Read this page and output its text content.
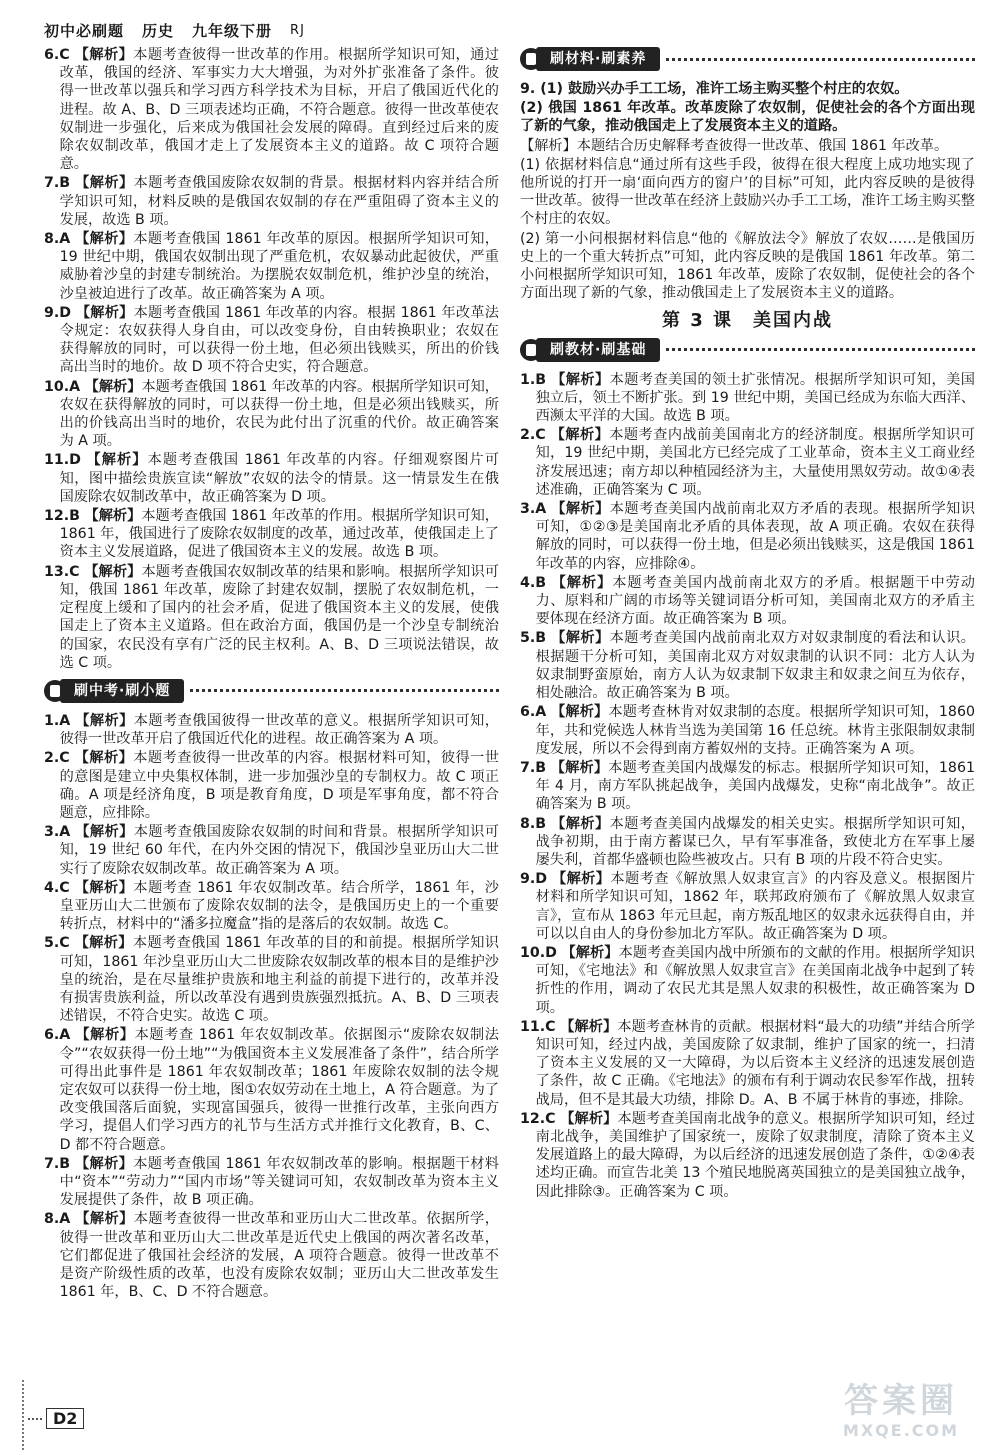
初中必刷题 历史 九年级下册 RJ
6.C 【解析】本题考查彼得一世改革的作用。根据所学知识可知，通过改革，俄国的经济、军事实力大大增强，为对外扩张准备了条件。彼得一世改革以强兵和学习西方科学技术为目标，开启了俄国近代化的进程。故 A、B、D 三项表述均正确，不符合题意。彼得一世改革使农奴制进一步强化，后来成为俄国社会发展的障碍。直到经过后来的废除农奴制改革，俄国才走上了发展资本主义的道路。故 C 项符合题意。
7.B 【解析】本题考查俄国废除农奴制的背景。根据材料内容并结合所学知识可知，材料反映的是俄国农奴制的存在严重阻碍了资本主义的发展，故选 B 项。
8.A 【解析】本题考查俄国 1861 年改革的原因。根据所学知识可知，19 世纪中期，俄国农奴制出现了严重危机，农奴暴动此起彼伏，严重威胁着沙皇的封建专制统治。为摆脱农奴制危机，维护沙皇的统治，沙皇被迫进行了改革。故正确答案为 A 项。
9.D 【解析】本题考查俄国 1861 年改革的内容。根据 1861 年改革法令规定：农奴获得人身自由，可以改变身份，自由转换职业；农奴在获得解放的同时，可以获得一份土地，但必须出钱赎买，所出的价钱高出当时的地价。故 D 项不符合史实，符合题意。
10.A 【解析】本题考查俄国 1861 年改革的内容。根据所学知识可知，农奴在获得解放的同时，可以获得一份土地，但是必须出钱赎买，所出的价钱高出当时的地价，农民为此付出了沉重的代价。故正确答案为 A 项。
11.D 【解析】本题考查俄国 1861 年改革的内容。仔细观察图片可知，图中描绘贵族宣读“解放”农奴的法令的情景。这一情景发生在俄国废除农奴制改革中，故正确答案为 D 项。
12.B 【解析】本题考查俄国 1861 年改革的作用。根据所学知识可知，1861 年，俄国进行了废除农奴制度的改革，通过改革，使俄国走上了资本主义发展道路，促进了俄国资本主义的发展。故选 B 项。
13.C 【解析】本题考查俄国农奴制改革的结果和影响。根据所学知识可知，俄国 1861 年改革，废除了封建农奴制，摆脱了农奴制危机，一定程度上缓和了国内的社会矛盾，促进了俄国资本主义的发展，使俄国走上了资本主义道路。但在政治方面，俄国仍是一个沙皇专制统治的国家，农民没有享有广泛的民主权利。A、B、D 三项说法错误，故选 C 项。
刷中考·刷小题
1.A 【解析】本题考查俄国彼得一世改革的意义。根据所学知识可知，彼得一世改革开启了俄国近代化的进程。故正确答案为 A 项。
2.C 【解析】本题考查彼得一世改革的内容。根据材料可知，彼得一世的意图是建立中央集权体制，进一步加强沙皇的专制权力。故 C 项正确。A 项是经济角度，B 项是教育角度，D 项是军事角度，都不符合题意，应排除。
3.A 【解析】本题考查俄国废除农奴制的时间和背景。根据所学知识可知，19 世纪 60 年代，在内外交困的情况下，俄国沙皇亚历山大二世实行了废除农奴制改革。故正确答案为 A 项。
4.C 【解析】本题考查 1861 年农奴制改革。结合所学，1861 年，沙皇亚历山大二世颁布了废除农奴制的法令，是俄国历史上的一个重要转折点，材料中的“潘多拉魔盒”指的是落后的农奴制。故选 C。
5.C 【解析】本题考查俄国 1861 年改革的目的和前提。根据所学知识可知，1861 年沙皇亚历山大二世废除农奴制改革的根本目的是维护沙皇的统治，是在尽量维护贵族和地主利益的前提下进行的，改革并没有损害贵族利益，所以改革没有遇到贵族强烈抵抗。A、B、D 三项表述错误，不符合史实。故选 C 项。
6.A 【解析】本题考查 1861 年农奴制改革。依据图示“废除农奴制法令”“农奴获得一份土地”“为俄国资本主义发展准备了条件”，结合所学可得出此事件是 1861 年农奴制改革；1861 年废除农奴制的法令规定农奴可以获得一份土地，图①农奴劳动在土地上，A 符合题意。为了改变俄国落后面貌，实现富国强兵，彼得一世推行改革，主张向西方学习，提倡人们学习西方的礼节与生活方式并推行文化教育，B、C、D 都不符合题意。
7.B 【解析】本题考查俄国 1861 年农奴制改革的影响。根据题干材料中“资本”“劳动力”“国内市场”等关键词可知，农奴制改革为资本主义发展提供了条件，故 B 项正确。
8.A 【解析】本题考查彼得一世改革和亚历山大二世改革。依据所学，彼得一世改革和亚历山大二世改革是近代史上俄国的两次著名改革，它们都促进了俄国社会经济的发展，A 项符合题意。彼得一世改革不是资产阶级性质的改革，也没有废除农奴制；亚历山大二世改革发生 1861 年，B、C、D 不符合题意。
刷材料·刷素养
9. (1) 鼓励兴办手工工场，准许工场主购买整个村庄的农奴。
(2) 俄国 1861 年改革。改革废除了农奴制，促使社会的各个方面出现了新的气象，推动俄国走上了发展资本主义的道路。
【解析】本题结合历史解释考查彼得一世改革、俄国 1861 年改革。
(1) 依据材料信息“通过所有这些手段，彼得在很大程度上成功地实现了他所说的打开一扇‘面向西方的窗户’的目标”可知，此内容反映的是彼得一世改革。彼得一世改革在经济上鼓励兴办手工工场，准许工场主购买整个村庄的农奴。
(2) 第一小问根据材料信息“他的《解放法令》解放了农奴……是俄国历史上的一个重大转折点”可知，此内容反映的是俄国 1861 年改革。第二小问根据所学知识可知，1861 年改革，废除了农奴制，促使社会的各个方面出现了新的气象，推动俄国走上了发展资本主义的道路。
第 3 课　美国内战
刷教材·刷基础
1.B 【解析】本题考查美国的领土扩张情况。根据所学知识可知，美国独立后，领土不断扩张。到 19 世纪中期，美国已经成为东临大西洋、西濒太平洋的大国。故选 B 项。
2.C 【解析】本题考查内战前美国南北方的经济制度。根据所学知识可知，19 世纪中期，美国北方已经完成了工业革命，资本主义工商业经济发展迅速；南方却以种植园经济为主，大量使用黑奴劳动。故①④表述准确，正确答案为 C 项。
3.A 【解析】本题考查美国内战前南北双方矛盾的表现。根据所学知识可知，①②③是美国南北矛盾的具体表现，故 A 项正确。农奴在获得解放的同时，可以获得一份土地，但是必须出钱赎买，这是俄国 1861 年改革的内容，应排除④。
4.B 【解析】本题考查美国内战前南北双方的矛盾。根据题干中劳动力、原料和广阔的市场等关键词语分析可知，美国南北双方的矛盾主要体现在经济方面。故正确答案为 B 项。
5.B 【解析】本题考查美国内战前南北双方对奴隶制度的看法和认识。根据题干分析可知，美国南北双方对奴隶制的认识不同：北方人认为奴隶制野蛮原始，南方人认为奴隶制下奴隶主和奴隶之间互为依存，相处融洽。故正确答案为 B 项。
6.A 【解析】本题考查林肯对奴隶制的态度。根据所学知识可知，1860 年，共和党候选人林肯当选为美国第 16 任总统。林肯主张限制奴隶制度发展，所以不会得到南方蓄奴州的支持。正确答案为 A 项。
7.B 【解析】本题考查美国内战爆发的标志。根据所学知识可知，1861 年 4 月，南方军队挑起战争，美国内战爆发，史称“南北战争”。故正确答案为 B 项。
8.B 【解析】本题考查美国内战爆发的相关史实。根据所学知识可知，战争初期，由于南方蓄谋已久，早有军事准备，致使北方在军事上屡屡失利，首都华盛顿也险些被攻占。只有 B 项的片段不符合史实。
9.D 【解析】本题考查《解放黑人奴隶宣言》的内容及意义。根据图片材料和所学知识可知，1862 年，联邦政府颁布了《解放黑人奴隶宣言》，宣布从 1863 年元旦起，南方叛乱地区的奴隶永远获得自由，并可以以自由人的身份参加北方军队。故正确答案为 D 项。
10.D 【解析】本题考查美国内战中所颁布的文献的作用。根据所学知识可知，《宅地法》和《解放黑人奴隶宣言》在美国南北战争中起到了转折性的作用，调动了农民尤其是黑人奴隶的积极性，故正确答案为 D 项。
11.C 【解析】本题考查林肯的贡献。根据材料“最大的功绩”并结合所学知识可知，经过内战，美国废除了奴隶制，维护了国家的统一，扫清了资本主义发展的又一大障碍，为以后资本主义经济的迅速发展创造了条件，故 C 正确。《宅地法》的颁布有利于调动农民参军作战，扭转战局，但不是其最大功绩，排除 D。A、B 不属于林肯的事迹，排除。
12.C 【解析】本题考查美国南北战争的意义。根据所学知识可知，经过南北战争，美国维护了国家统一，废除了奴隶制度，清除了资本主义发展道路上的最大障碍，为以后经济的迅速发展创造了条件，①②④表述均正确。而宣告北美 13 个殖民地脱离英国独立的是美国独立战争，因此排除③。正确答案为 C 项。
D2	答案圈
MXQE.COM
